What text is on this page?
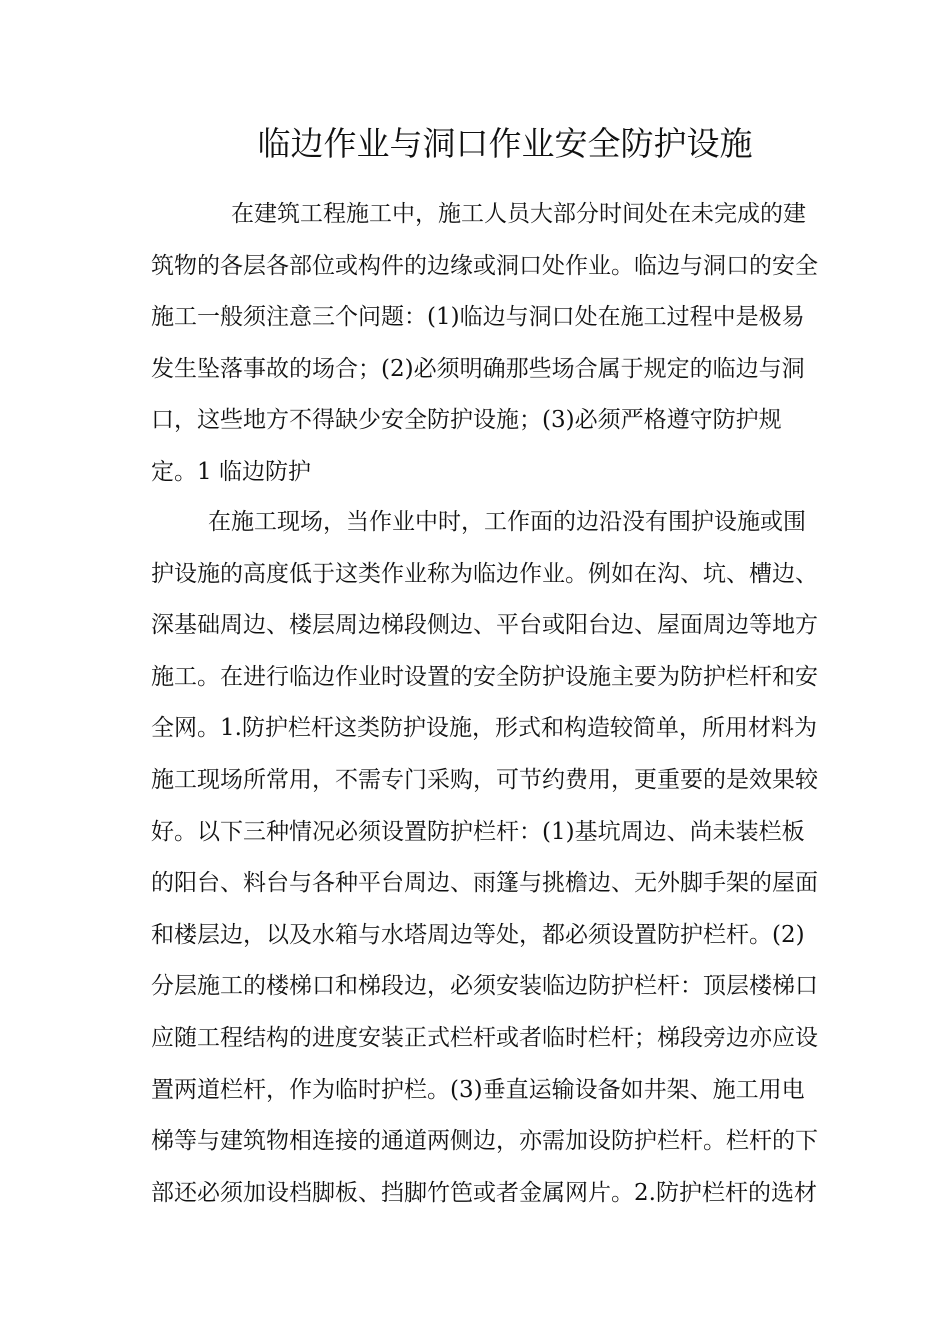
临边作业与洞口作业安全防护设施
在建筑工程施工中，施工人员大部分时间处在未完成的建
筑物的各层各部位或构件的边缘或洞口处作业。临边与洞口的安全
施工一般须注意三个问题：(1)临边与洞口处在施工过程中是极易
发生坠落事故的场合；(2)必须明确那些场合属于规定的临边与洞
口，这些地方不得缺少安全防护设施；(3)必须严格遵守防护规
定。1 临边防护
在施工现场，当作业中时，工作面的边沿没有围护设施或围
护设施的高度低于这类作业称为临边作业。例如在沟、坑、槽边、
深基础周边、楼层周边梯段侧边、平台或阳台边、屋面周边等地方
施工。在进行临边作业时设置的安全防护设施主要为防护栏杆和安
全网。1.防护栏杆这类防护设施，形式和构造较简单，所用材料为
施工现场所常用，不需专门采购，可节约费用，更重要的是效果较
好。以下三种情况必须设置防护栏杆：(1)基坑周边、尚未装栏板
的阳台、料台与各种平台周边、雨篷与挑檐边、无外脚手架的屋面
和楼层边，以及水箱与水塔周边等处，都必须设置防护栏杆。(2)
分层施工的楼梯口和梯段边，必须安装临边防护栏杆：顶层楼梯口
应随工程结构的进度安装正式栏杆或者临时栏杆；梯段旁边亦应设
置两道栏杆，作为临时护栏。(3)垂直运输设备如井架、施工用电
梯等与建筑物相连接的通道两侧边，亦需加设防护栏杆。栏杆的下
部还必须加设档脚板、挡脚竹笆或者金属网片。2.防护栏杆的选材
